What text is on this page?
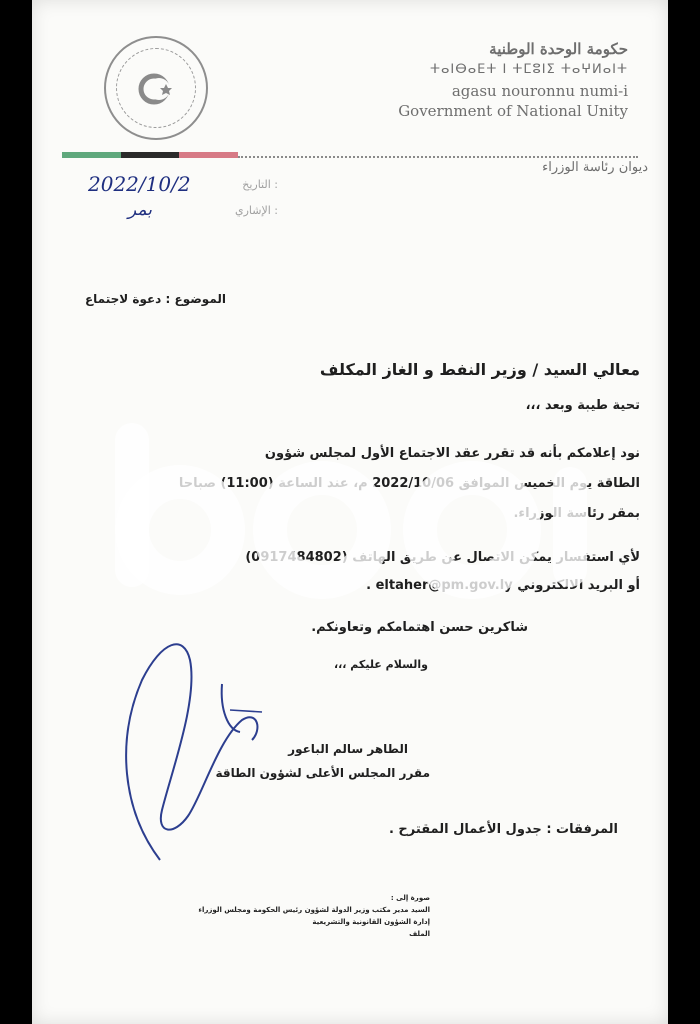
حكومة الوحدة الوطنية
ⵜⴰⵏⴱⴰⴹⵜ ⵏ ⵜⵎⵓⵏⵉ ⵜⴰⵖⵍⴰⵏⵜ
agasu nouronnu numi-i
Government of National Unity
ديوان رئاسة الوزراء
التاريخ :
2022/10/2
الإشاري :
بمر
الموضوع : دعوة لاجتماع
معالي السيد / وزير النفط و الغاز المكلف
تحية طيبة وبعد ،،،
نود إعلامكم بأنه قد تقرر عقد الاجتماع الأول لمجلس شؤون
الطاقة يوم الخميس الموافق 2022/10/06 م، عند الساعة (11:00) صباحا
بمقر رئاسة الوزراء.
لأي استفسار يمكن الاتصال عن طريق الهاتف (0917484802)
أو البريد الالكتروني eltaher@pm.gov.ly .
شاكرين حسن اهتمامكم وتعاونكم.
والسلام عليكم ،،،
الطاهر سالم الباعور
مقرر المجلس الأعلى لشؤون الطاقة
المرفقات : جدول الأعمال المقترح .
صورة إلى :
السيد مدير مكتب وزير الدولة لشؤون رئيس الحكومة ومجلس الوزراء
إدارة الشؤون القانونية والتشريعية
الملف
